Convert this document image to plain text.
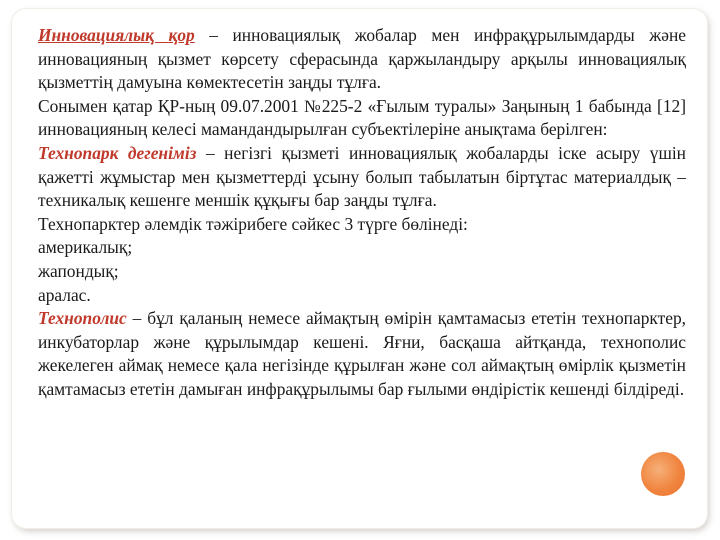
Инновациялық қор – инновациялық жобалар мен инфрақұрылымдарды және инновацияның қызмет көрсету сферасында қаржыландыру арқылы инновациялық қызметтің дамуына көмектесетін заңды тұлға.

Сонымен қатар ҚР-ның 09.07.2001 №225-2 «Ғылым туралы» Заңының 1 бабында [12] инновацияның келесі мамандандырылған субъектілеріне анықтама берілген:

Технопарк дегеніміз – негізгі қызметі инновациялық жобаларды іске асыру үшін қажетті жұмыстар мен қызметтерді ұсыну болып табылатын біртұтас материалдық – техникалық кешенге меншік құқығы бар заңды тұлға.

Технопарктер әлемдік тәжірибеге сәйкес 3 түрге бөлінеді:

америкалық;

жапондық;

аралас.

Технополис – бұл қаланың немесе аймақтың өмірін қамтамасыз ететін технопарктер, инкубаторлар және құрылымдар кешені. Яғни, басқаша айтқанда, технополис жекелеген аймақ немесе қала негізінде құрылған және сол аймақтың өмірлік қызметін қамтамасыз ететін дамыған инфрақұрылымы бар ғылыми өндірістік кешенді білдіреді.
